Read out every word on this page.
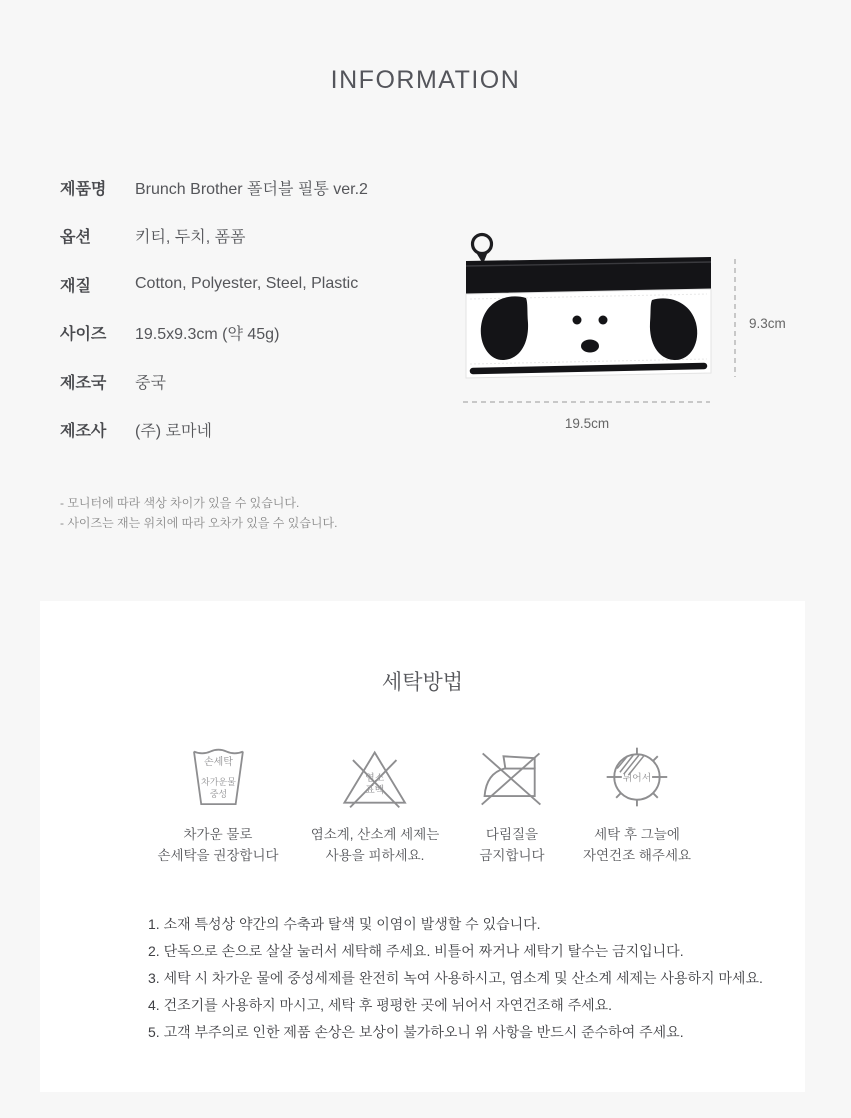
INFORMATION
제품명	Brunch Brother 폴더블 필통 ver.2
옵션	키티, 두치, 폼폼
재질	Cotton, Polyester, Steel, Plastic
사이즈	19.5x9.3cm (약 45g)
제조국	중국
제조사	(주) 로마네
9.3cm
19.5cm
- 모니터에 따라 색상 차이가 있을 수 있습니다.
- 사이즈는 재는 위치에 따라 오차가 있을 수 있습니다.
세탁방법
손세탁
차가운물
중성
차가운 물로
손세탁을 권장합니다
염소
표백
염소계, 산소계 세제는
사용을 피하세요.
다림질을
금지합니다
뉘어서
세탁 후 그늘에
자연건조 해주세요
1. 소재 특성상 약간의 수축과 탈색 및 이염이 발생할 수 있습니다.
2. 단독으로 손으로 살살 눌러서 세탁해 주세요. 비틀어 짜거나 세탁기 탈수는 금지입니다.
3. 세탁 시 차가운 물에 중성세제를 완전히 녹여 사용하시고, 염소계 및 산소계 세제는 사용하지 마세요.
4. 건조기를 사용하지 마시고, 세탁 후 평평한 곳에 뉘어서 자연건조해 주세요.
5. 고객 부주의로 인한 제품 손상은 보상이 불가하오니 위 사항을 반드시 준수하여 주세요.
